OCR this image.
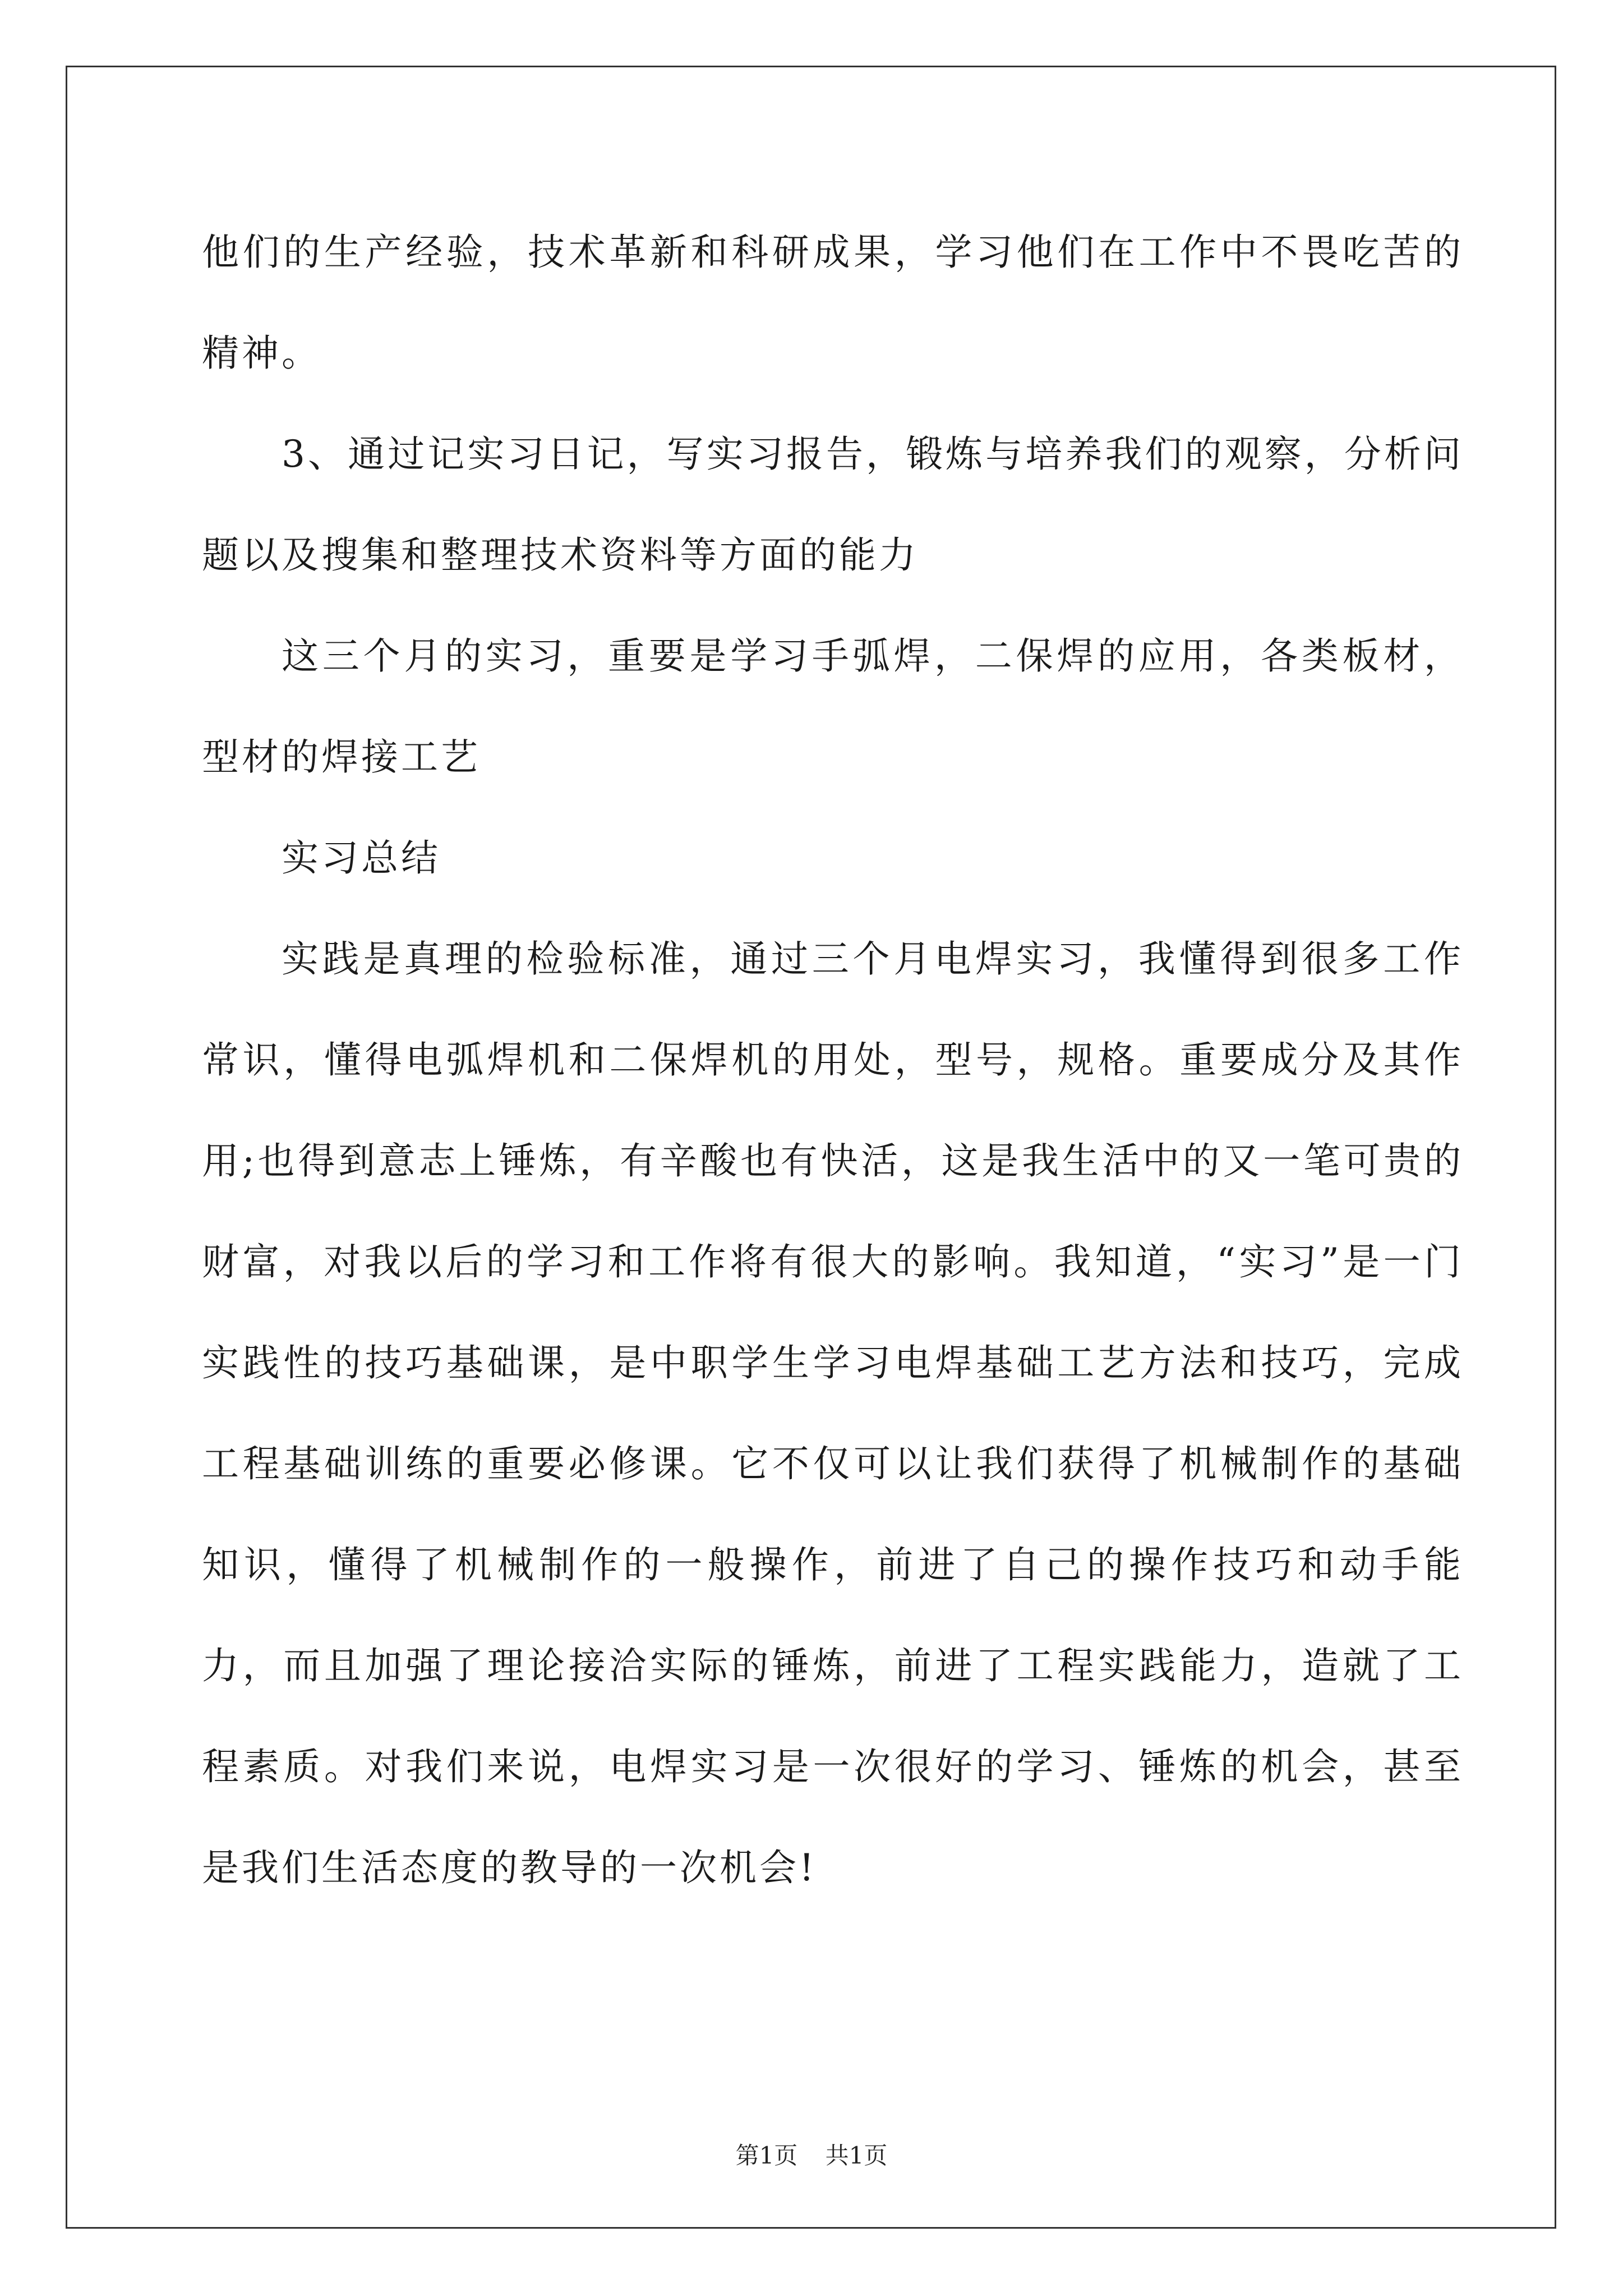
他们的生产经验，技术革新和科研成果，学习他们在工作中不畏吃苦的精神。

3、通过记实习日记，写实习报告，锻炼与培养我们的观察，分析问题以及搜集和整理技术资料等方面的能力

这三个月的实习，重要是学习手弧焊，二保焊的应用，各类板材，型材的焊接工艺

实习总结

实践是真理的检验标准，通过三个月电焊实习，我懂得到很多工作常识，懂得电弧焊机和二保焊机的用处，型号，规格。重要成分及其作用;也得到意志上锤炼，有辛酸也有快活，这是我生活中的又一笔可贵的财富，对我以后的学习和工作将有很大的影响。我知道，“实习”是一门实践性的技巧基础课，是中职学生学习电焊基础工艺方法和技巧，完成工程基础训练的重要必修课。它不仅可以让我们获得了机械制作的基础知识，懂得了机械制作的一般操作，前进了自己的操作技巧和动手能力，而且加强了理论接洽实际的锤炼，前进了工程实践能力，造就了工程素质。对我们来说，电焊实习是一次很好的学习、锤炼的机会，甚至是我们生活态度的教导的一次机会!

第1页 共1页
